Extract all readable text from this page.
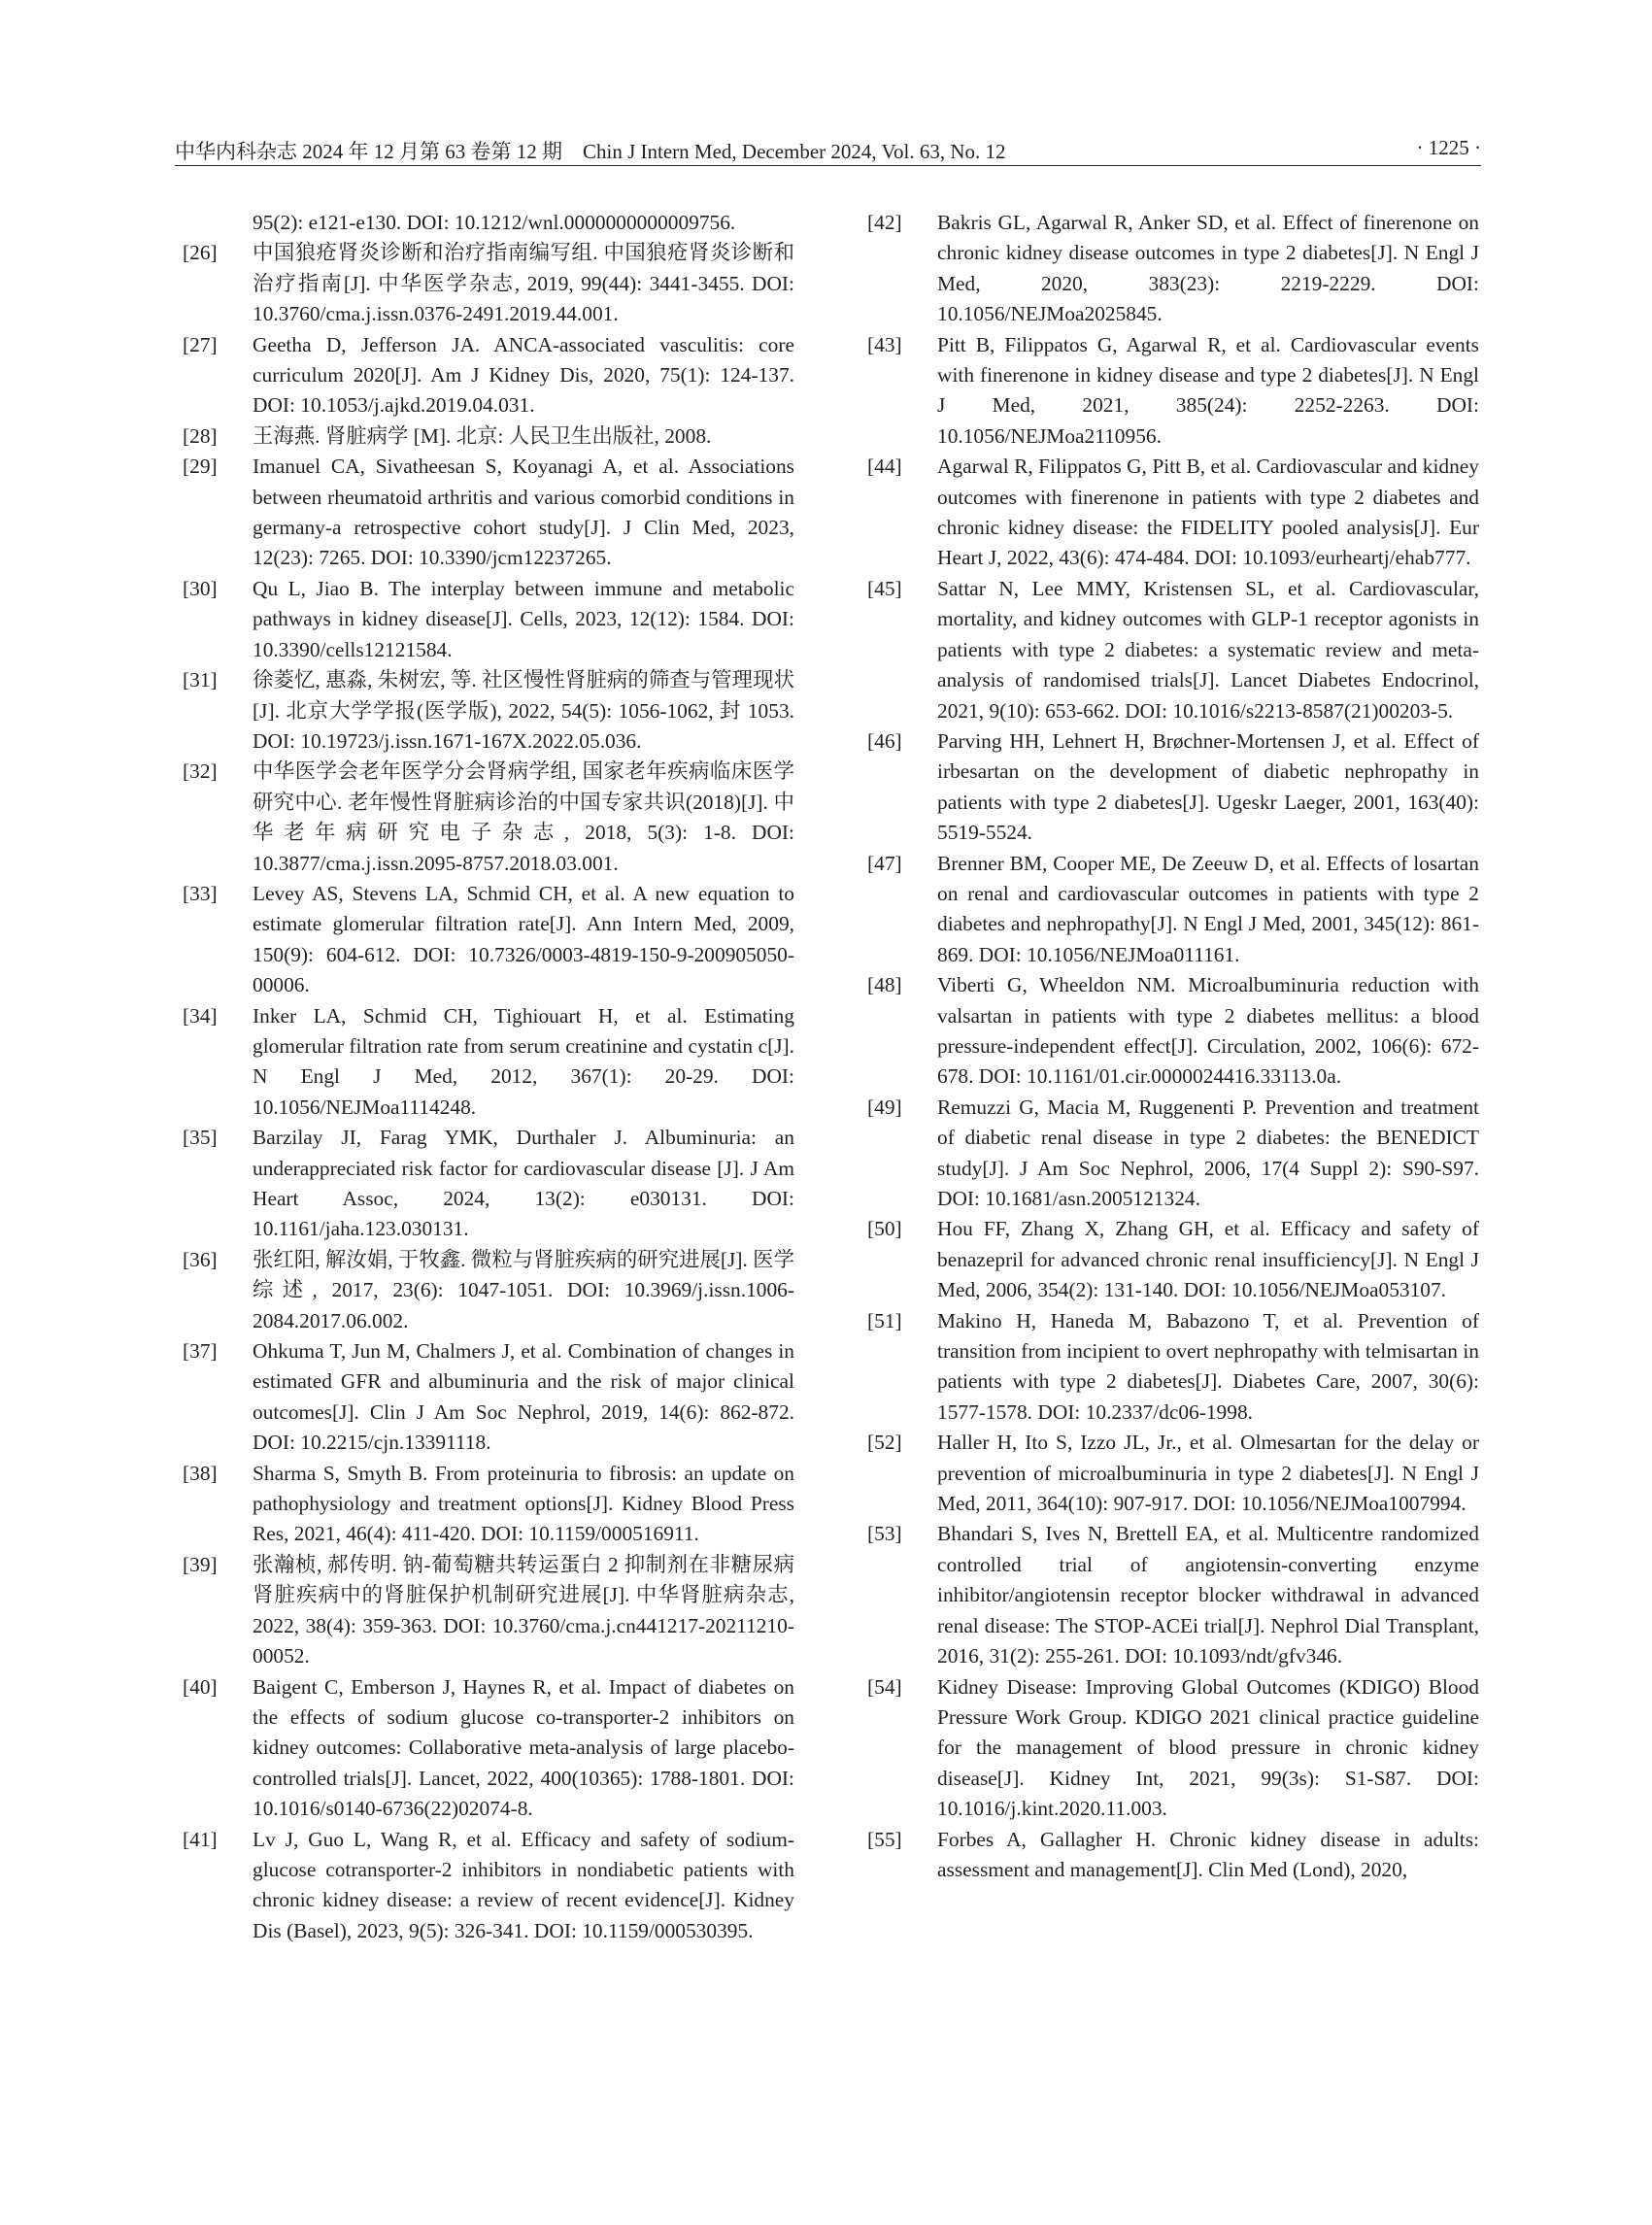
中华内科杂志 2024 年 12 月第 63 卷第 12 期　Chin J Intern Med, December 2024, Vol. 63, No. 12	· 1225 ·

95(2): e121-e130. DOI: 10.1212/wnl.0000000000009756.

[26] 中国狼疮肾炎诊断和治疗指南编写组. 中国狼疮肾炎诊断和治疗指南[J]. 中华医学杂志, 2019, 99(44): 3441-3455. DOI: 10.3760/cma.j.issn.0376-2491.2019.44.001.

[27] Geetha D, Jefferson JA. ANCA-associated vasculitis: core curriculum 2020[J]. Am J Kidney Dis, 2020, 75(1): 124-137. DOI: 10.1053/j.ajkd.2019.04.031.

[28] 王海燕. 肾脏病学 [M]. 北京: 人民卫生出版社, 2008.

[29] Imanuel CA, Sivatheesan S, Koyanagi A, et al. Associations between rheumatoid arthritis and various comorbid conditions in germany-a retrospective cohort study[J]. J Clin Med, 2023, 12(23): 7265. DOI: 10.3390/jcm12237265.

[30] Qu L, Jiao B. The interplay between immune and metabolic pathways in kidney disease[J]. Cells, 2023, 12(12): 1584. DOI: 10.3390/cells12121584.

[31] 徐菱忆, 惠淼, 朱树宏, 等. 社区慢性肾脏病的筛查与管理现状[J]. 北京大学学报(医学版), 2022, 54(5): 1056-1062, 封 1053. DOI: 10.19723/j.issn.1671-167X.2022.05.036.

[32] 中华医学会老年医学分会肾病学组, 国家老年疾病临床医学研究中心. 老年慢性肾脏病诊治的中国专家共识(2018)[J]. 中华老年病研究电子杂志, 2018, 5(3): 1-8. DOI: 10.3877/cma.j.issn.2095-8757.2018.03.001.

[33] Levey AS, Stevens LA, Schmid CH, et al. A new equation to estimate glomerular filtration rate[J]. Ann Intern Med, 2009, 150(9): 604-612. DOI: 10.7326/0003-4819-150-9-200905050-00006.

[34] Inker LA, Schmid CH, Tighiouart H, et al. Estimating glomerular filtration rate from serum creatinine and cystatin c[J]. N Engl J Med, 2012, 367(1): 20-29. DOI: 10.1056/NEJMoa1114248.

[35] Barzilay JI, Farag YMK, Durthaler J. Albuminuria: an underappreciated risk factor for cardiovascular disease [J]. J Am Heart Assoc, 2024, 13(2): e030131. DOI: 10.1161/jaha.123.030131.

[36] 张红阳, 解汝娟, 于牧鑫. 微粒与肾脏疾病的研究进展[J]. 医学综述, 2017, 23(6): 1047-1051. DOI: 10.3969/j.issn.1006-2084.2017.06.002.

[37] Ohkuma T, Jun M, Chalmers J, et al. Combination of changes in estimated GFR and albuminuria and the risk of major clinical outcomes[J]. Clin J Am Soc Nephrol, 2019, 14(6): 862-872. DOI: 10.2215/cjn.13391118.

[38] Sharma S, Smyth B. From proteinuria to fibrosis: an update on pathophysiology and treatment options[J]. Kidney Blood Press Res, 2021, 46(4): 411-420. DOI: 10.1159/000516911.

[39] 张瀚桢, 郝传明. 钠-葡萄糖共转运蛋白 2 抑制剂在非糖尿病肾脏疾病中的肾脏保护机制研究进展[J]. 中华肾脏病杂志, 2022, 38(4): 359-363. DOI: 10.3760/cma.j.cn441217-20211210-00052.

[40] Baigent C, Emberson J, Haynes R, et al. Impact of diabetes on the effects of sodium glucose co-transporter-2 inhibitors on kidney outcomes: Collaborative meta-analysis of large placebo-controlled trials[J]. Lancet, 2022, 400(10365): 1788-1801. DOI: 10.1016/s0140-6736(22)02074-8.

[41] Lv J, Guo L, Wang R, et al. Efficacy and safety of sodium-glucose cotransporter-2 inhibitors in nondiabetic patients with chronic kidney disease: a review of recent evidence[J]. Kidney Dis (Basel), 2023, 9(5): 326-341. DOI: 10.1159/000530395.

[42] Bakris GL, Agarwal R, Anker SD, et al. Effect of finerenone on chronic kidney disease outcomes in type 2 diabetes[J]. N Engl J Med, 2020, 383(23): 2219-2229. DOI: 10.1056/NEJMoa2025845.

[43] Pitt B, Filippatos G, Agarwal R, et al. Cardiovascular events with finerenone in kidney disease and type 2 diabetes[J]. N Engl J Med, 2021, 385(24): 2252-2263. DOI: 10.1056/NEJMoa2110956.

[44] Agarwal R, Filippatos G, Pitt B, et al. Cardiovascular and kidney outcomes with finerenone in patients with type 2 diabetes and chronic kidney disease: the FIDELITY pooled analysis[J]. Eur Heart J, 2022, 43(6): 474-484. DOI: 10.1093/eurheartj/ehab777.

[45] Sattar N, Lee MMY, Kristensen SL, et al. Cardiovascular, mortality, and kidney outcomes with GLP-1 receptor agonists in patients with type 2 diabetes: a systematic review and meta-analysis of randomised trials[J]. Lancet Diabetes Endocrinol, 2021, 9(10): 653-662. DOI: 10.1016/s2213-8587(21)00203-5.

[46] Parving HH, Lehnert H, Brøchner-Mortensen J, et al. Effect of irbesartan on the development of diabetic nephropathy in patients with type 2 diabetes[J]. Ugeskr Laeger, 2001, 163(40): 5519-5524.

[47] Brenner BM, Cooper ME, De Zeeuw D, et al. Effects of losartan on renal and cardiovascular outcomes in patients with type 2 diabetes and nephropathy[J]. N Engl J Med, 2001, 345(12): 861-869. DOI: 10.1056/NEJMoa011161.

[48] Viberti G, Wheeldon NM. Microalbuminuria reduction with valsartan in patients with type 2 diabetes mellitus: a blood pressure-independent effect[J]. Circulation, 2002, 106(6): 672-678. DOI: 10.1161/01.cir.0000024416.33113.0a.

[49] Remuzzi G, Macia M, Ruggenenti P. Prevention and treatment of diabetic renal disease in type 2 diabetes: the BENEDICT study[J]. J Am Soc Nephrol, 2006, 17(4 Suppl 2): S90-S97. DOI: 10.1681/asn.2005121324.

[50] Hou FF, Zhang X, Zhang GH, et al. Efficacy and safety of benazepril for advanced chronic renal insufficiency[J]. N Engl J Med, 2006, 354(2): 131-140. DOI: 10.1056/NEJMoa053107.

[51] Makino H, Haneda M, Babazono T, et al. Prevention of transition from incipient to overt nephropathy with telmisartan in patients with type 2 diabetes[J]. Diabetes Care, 2007, 30(6): 1577-1578. DOI: 10.2337/dc06-1998.

[52] Haller H, Ito S, Izzo JL, Jr., et al. Olmesartan for the delay or prevention of microalbuminuria in type 2 diabetes[J]. N Engl J Med, 2011, 364(10): 907-917. DOI: 10.1056/NEJMoa1007994.

[53] Bhandari S, Ives N, Brettell EA, et al. Multicentre randomized controlled trial of angiotensin-converting enzyme inhibitor/angiotensin receptor blocker withdrawal in advanced renal disease: The STOP-ACEi trial[J]. Nephrol Dial Transplant, 2016, 31(2): 255-261. DOI: 10.1093/ndt/gfv346.

[54] Kidney Disease: Improving Global Outcomes (KDIGO) Blood Pressure Work Group. KDIGO 2021 clinical practice guideline for the management of blood pressure in chronic kidney disease[J]. Kidney Int, 2021, 99(3s): S1-S87. DOI: 10.1016/j.kint.2020.11.003.

[55] Forbes A, Gallagher H. Chronic kidney disease in adults: assessment and management[J]. Clin Med (Lond), 2020,
